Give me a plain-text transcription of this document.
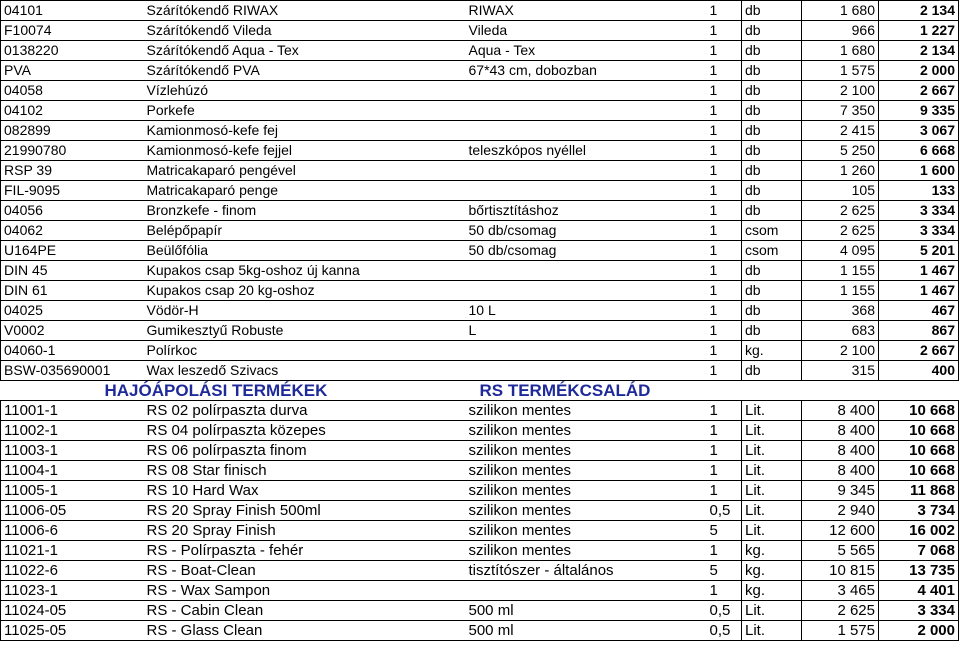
04101	Szárítókendő RIWAX	RIWAX	1	db	1 680	2 134
F10074	Szárítókendő Vileda	Vileda	1	db	966	1 227
0138220	Szárítókendő Aqua - Tex	Aqua - Tex	1	db	1 680	2 134
PVA	Szárítókendő PVA	67*43 cm, dobozban	1	db	1 575	2 000
04058	Vízlehúzó		1	db	2 100	2 667
04102	Porkefe		1	db	7 350	9 335
082899	Kamionmosó-kefe fej		1	db	2 415	3 067
21990780	Kamionmosó-kefe fejjel	teleszkópos nyéllel	1	db	5 250	6 668
RSP 39	Matricakaparó pengével		1	db	1 260	1 600
FIL-9095	Matricakaparó penge		1	db	105	133
04056	Bronzkefe - finom	bőrtisztításhoz	1	db	2 625	3 334
04062	Belépőpapír	50 db/csomag	1	csom	2 625	3 334
U164PE	Beülőfólia	50 db/csomag	1	csom	4 095	5 201
DIN 45	Kupakos csap 5kg-oshoz új kanna		1	db	1 155	1 467
DIN 61	Kupakos csap 20 kg-oshoz		1	db	1 155	1 467
04025	Vödör-H	10 L	1	db	368	467
V0002	Gumikesztyű Robuste	L	1	db	683	867
04060-1	Polírkoc		1	kg.	2 100	2 667
BSW-035690001	Wax leszedő Szivacs		1	db	315	400
HAJÓÁPOLÁSI TERMÉKEK		RS TERMÉKCSALÁD				
11001-1	RS 02 polírpaszta durva	szilikon mentes	1	Lit.	8 400	10 668
11002-1	RS 04 polírpaszta közepes	szilikon mentes	1	Lit.	8 400	10 668
11003-1	RS 06 polírpaszta finom	szilikon mentes	1	Lit.	8 400	10 668
11004-1	RS 08 Star finisch	szilikon mentes	1	Lit.	8 400	10 668
11005-1	RS 10 Hard Wax	szilikon mentes	1	Lit.	9 345	11 868
11006-05	RS 20 Spray Finish 500ml	szilikon mentes	0,5	Lit.	2 940	3 734
11006-6	RS 20 Spray Finish	szilikon mentes	5	Lit.	12 600	16 002
11021-1	RS - Polírpaszta - fehér	szilikon mentes	1	kg.	5 565	7 068
11022-6	RS - Boat-Clean	tisztítószer - általános	5	kg.	10 815	13 735
11023-1	RS - Wax Sampon		1	kg.	3 465	4 401
11024-05	RS - Cabin Clean	500 ml	0,5	Lit.	2 625	3 334
11025-05	RS - Glass Clean	500 ml	0,5	Lit.	1 575	2 000
